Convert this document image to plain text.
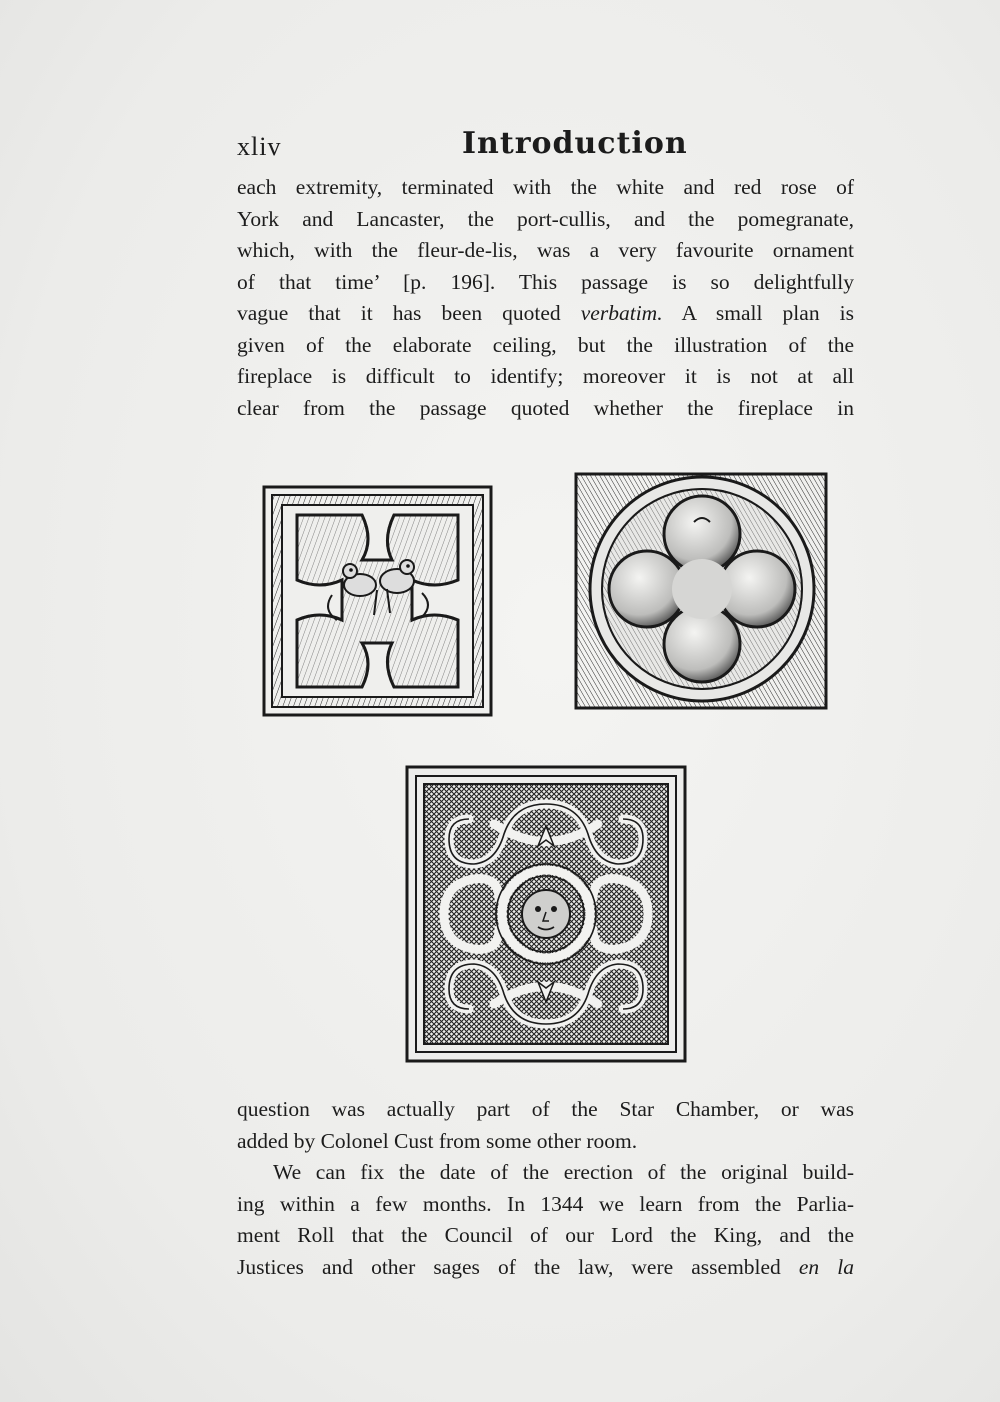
xliv	Introduction
each extremity, terminated with the white and red rose of
York and Lancaster, the port-cullis, and the pomegranate,
which, with the fleur-de-lis, was a very favourite ornament
of that time’ [p. 196]. This passage is so delightfully
vague that it has been quoted verbatim. A small plan is
given of the elaborate ceiling, but the illustration of the
fireplace is difficult to identify; moreover it is not at all
clear from the passage quoted whether the fireplace in
question was actually part of the Star Chamber, or was
added by Colonel Cust from some other room.
We can fix the date of the erection of the original build-
ing within a few months. In 1344 we learn from the Parlia-
ment Roll that the Council of our Lord the King, and the
Justices and other sages of the law, were assembled en la
